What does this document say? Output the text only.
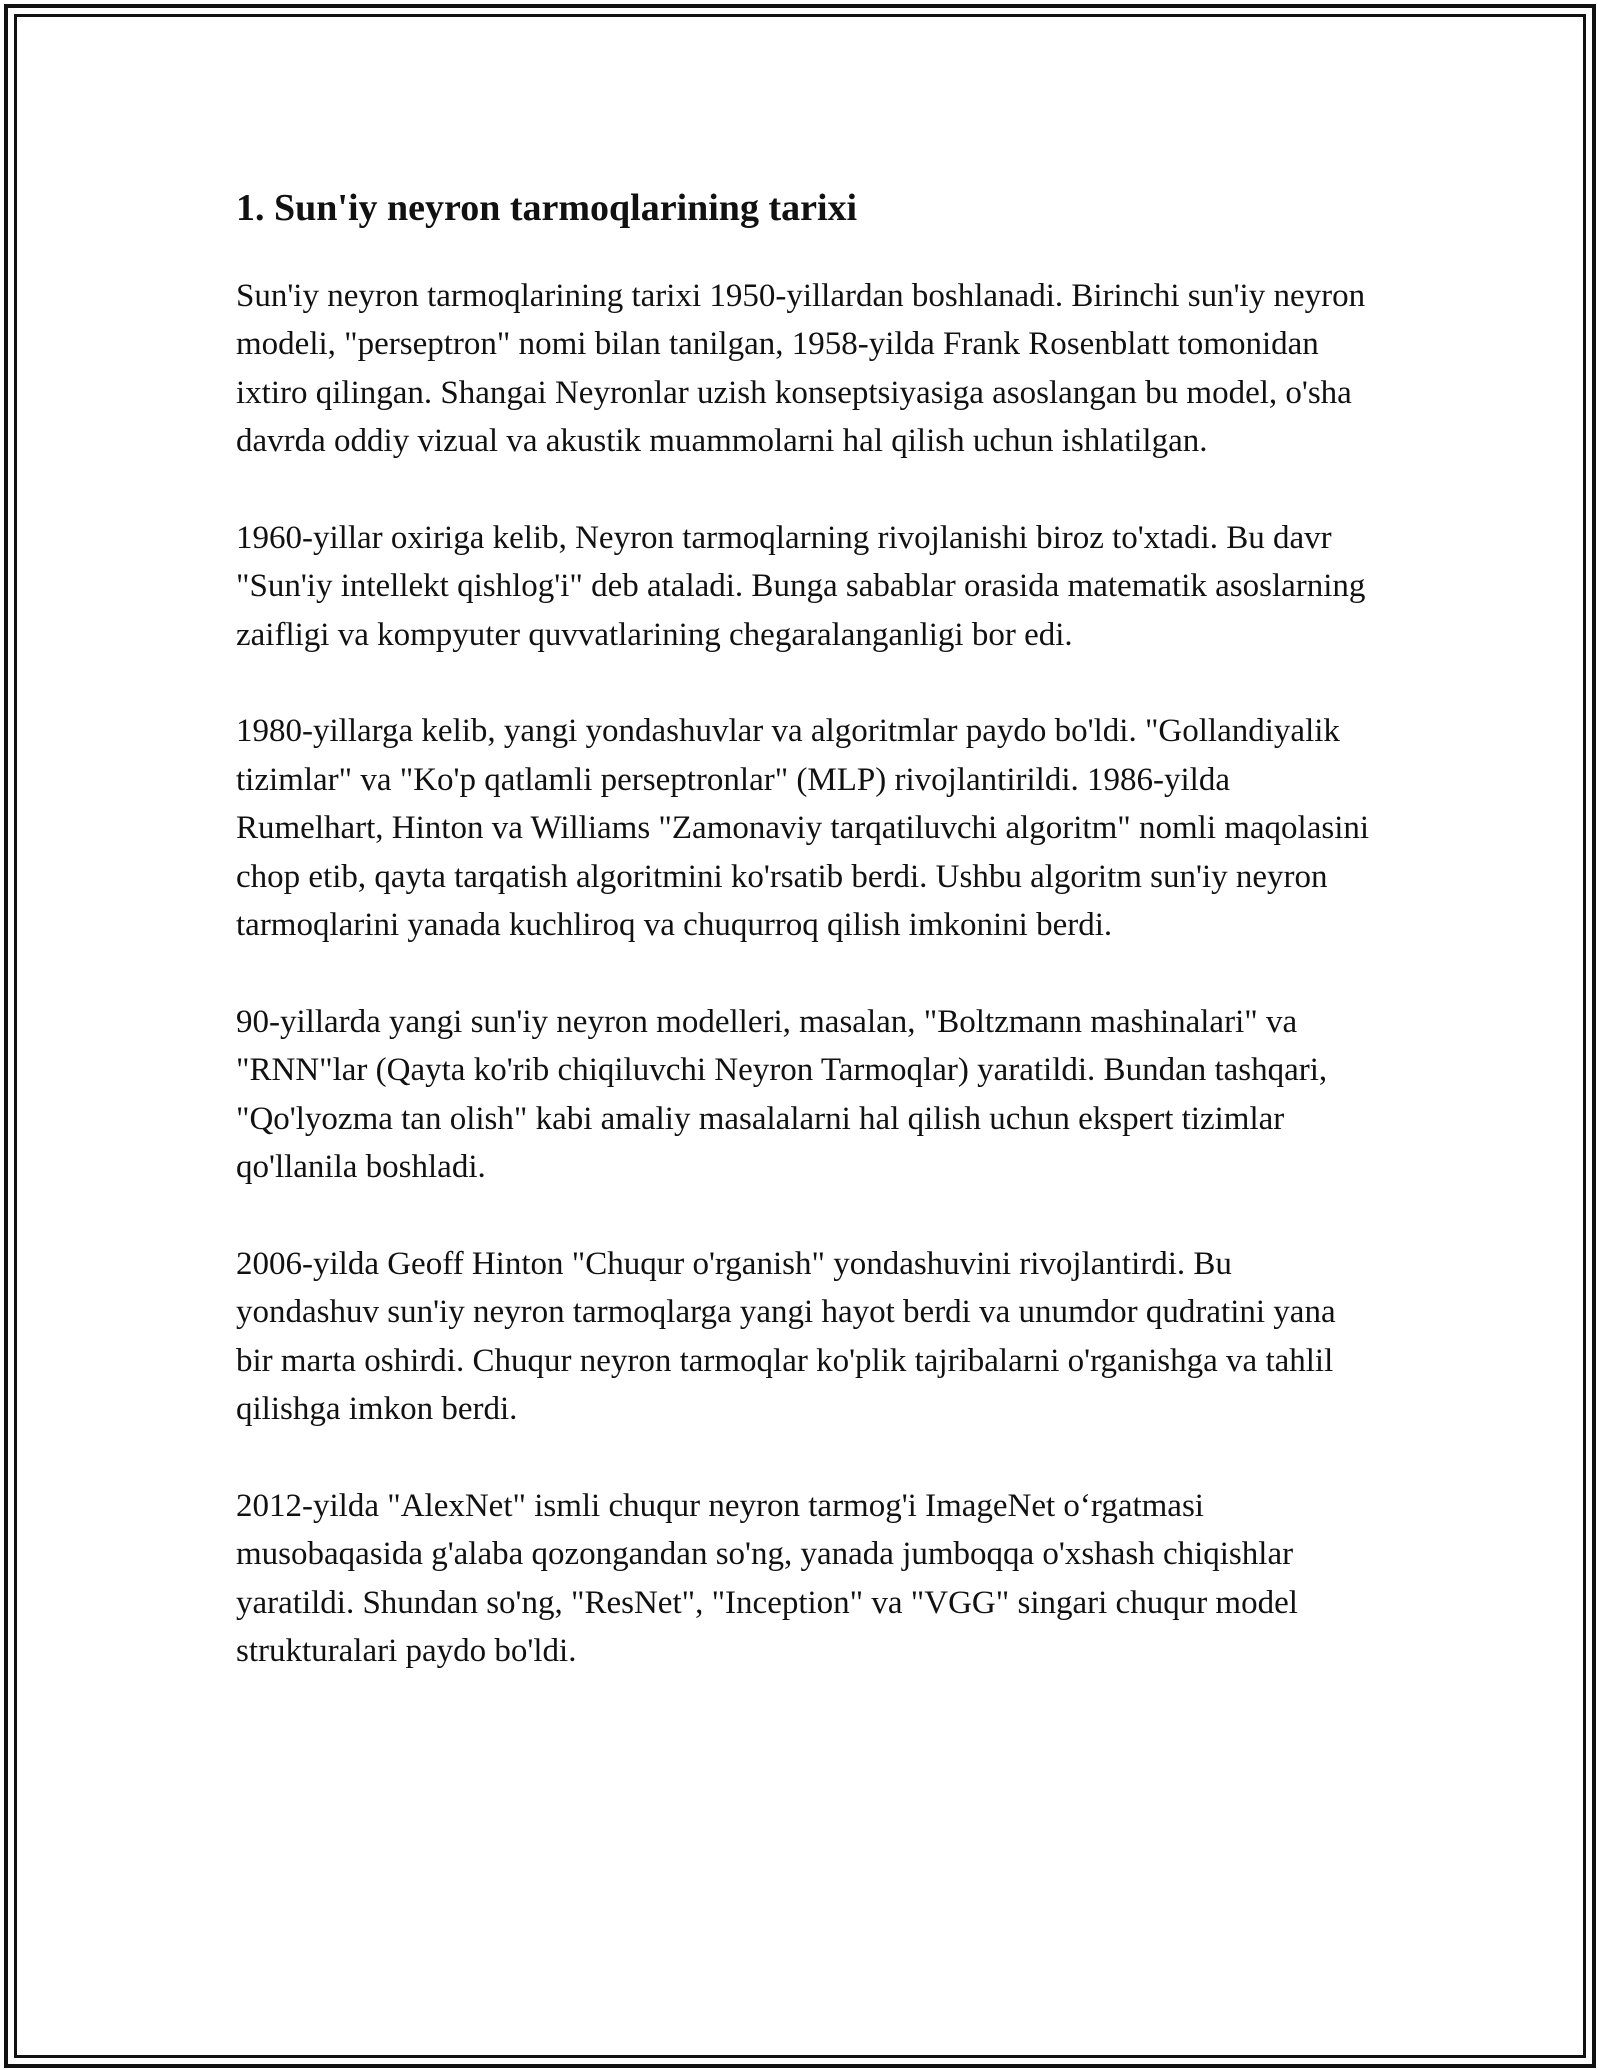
1. Sun'iy neyron tarmoqlarining tarixi

Sun'iy neyron tarmoqlarining tarixi 1950-yillardan boshlanadi. Birinchi sun'iy neyron modeli, "perseptron" nomi bilan tanilgan, 1958-yilda Frank Rosenblatt tomonidan ixtiro qilingan. Shangai Neyronlar uzish konseptsiyasiga asoslangan bu model, o'sha davrda oddiy vizual va akustik muammolarni hal qilish uchun ishlatilgan.

1960-yillar oxiriga kelib, Neyron tarmoqlarning rivojlanishi biroz to'xtadi. Bu davr "Sun'iy intellekt qishlog'i" deb ataladi. Bunga sabablar orasida matematik asoslarning zaifligi va kompyuter quvvatlarining chegaralanganligi bor edi.

1980-yillarga kelib, yangi yondashuvlar va algoritmlar paydo bo'ldi. "Gollandiyalik tizimlar" va "Ko'p qatlamli perseptronlar" (MLP) rivojlantirildi. 1986-yilda Rumelhart, Hinton va Williams "Zamonaviy tarqatiluvchi algoritm" nomli maqolasini chop etib, qayta tarqatish algoritmini ko'rsatib berdi. Ushbu algoritm sun'iy neyron tarmoqlarini yanada kuchliroq va chuqurroq qilish imkonini berdi.

90-yillarda yangi sun'iy neyron modelleri, masalan, "Boltzmann mashinalari" va "RNN"lar (Qayta ko'rib chiqiluvchi Neyron Tarmoqlar) yaratildi. Bundan tashqari, "Qo'lyozma tan olish" kabi amaliy masalalarni hal qilish uchun ekspert tizimlar qo'llanila boshladi.

2006-yilda Geoff Hinton "Chuqur o'rganish" yondashuvini rivojlantirdi. Bu yondashuv sun'iy neyron tarmoqlarga yangi hayot berdi va unumdor qudratini yana bir marta oshirdi. Chuqur neyron tarmoqlar ko'plik tajribalarni o'rganishga va tahlil qilishga imkon berdi.

2012-yilda "AlexNet" ismli chuqur neyron tarmog'i ImageNet o‘rgatmasi musobaqasida g'alaba qozongandan so'ng, yanada jumboqqa o'xshash chiqishlar yaratildi. Shundan so'ng, "ResNet", "Inception" va "VGG" singari chuqur model strukturalari paydo bo'ldi.
